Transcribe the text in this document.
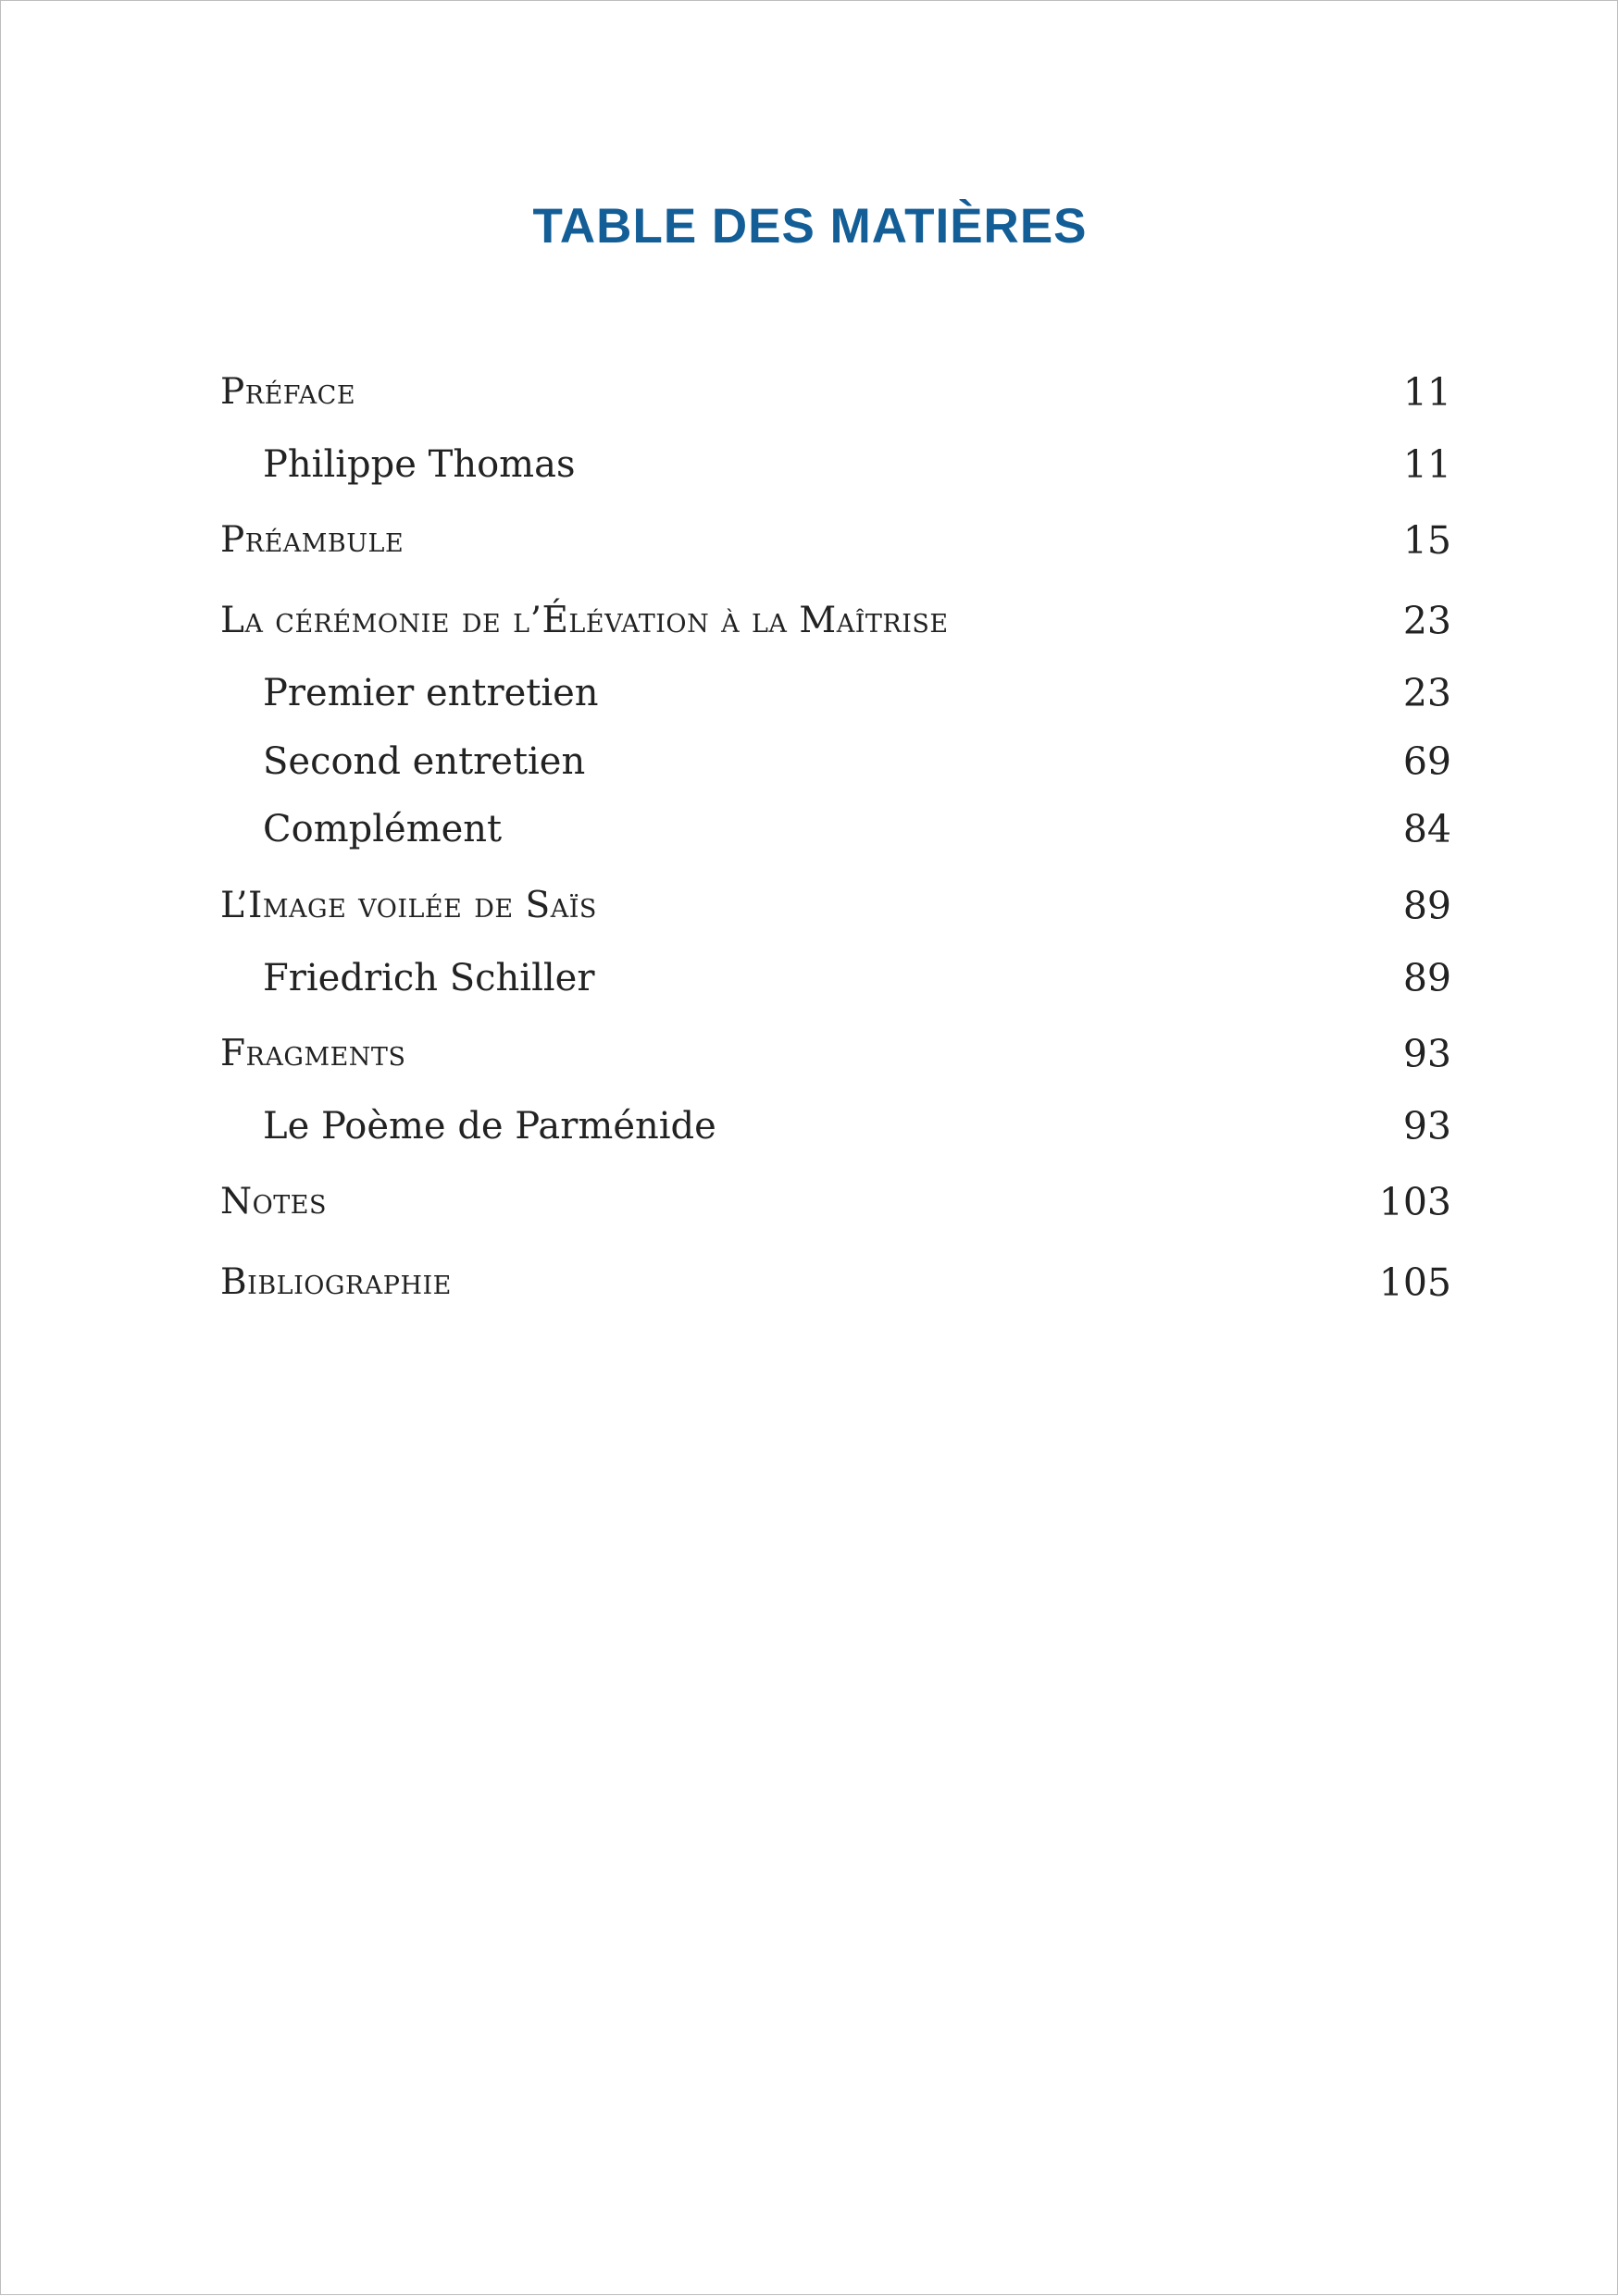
TABLE DES MATIÈRES
Préface	11
Philippe Thomas	11
Préambule	15
La cérémonie de l’Élévation à la Maîtrise	23
Premier entretien	23
Second entretien	69
Complément	84
L’Image voilée de Saïs	89
Friedrich Schiller	89
Fragments	93
Le Poème de Parménide	93
Notes	103
Bibliographie	105
